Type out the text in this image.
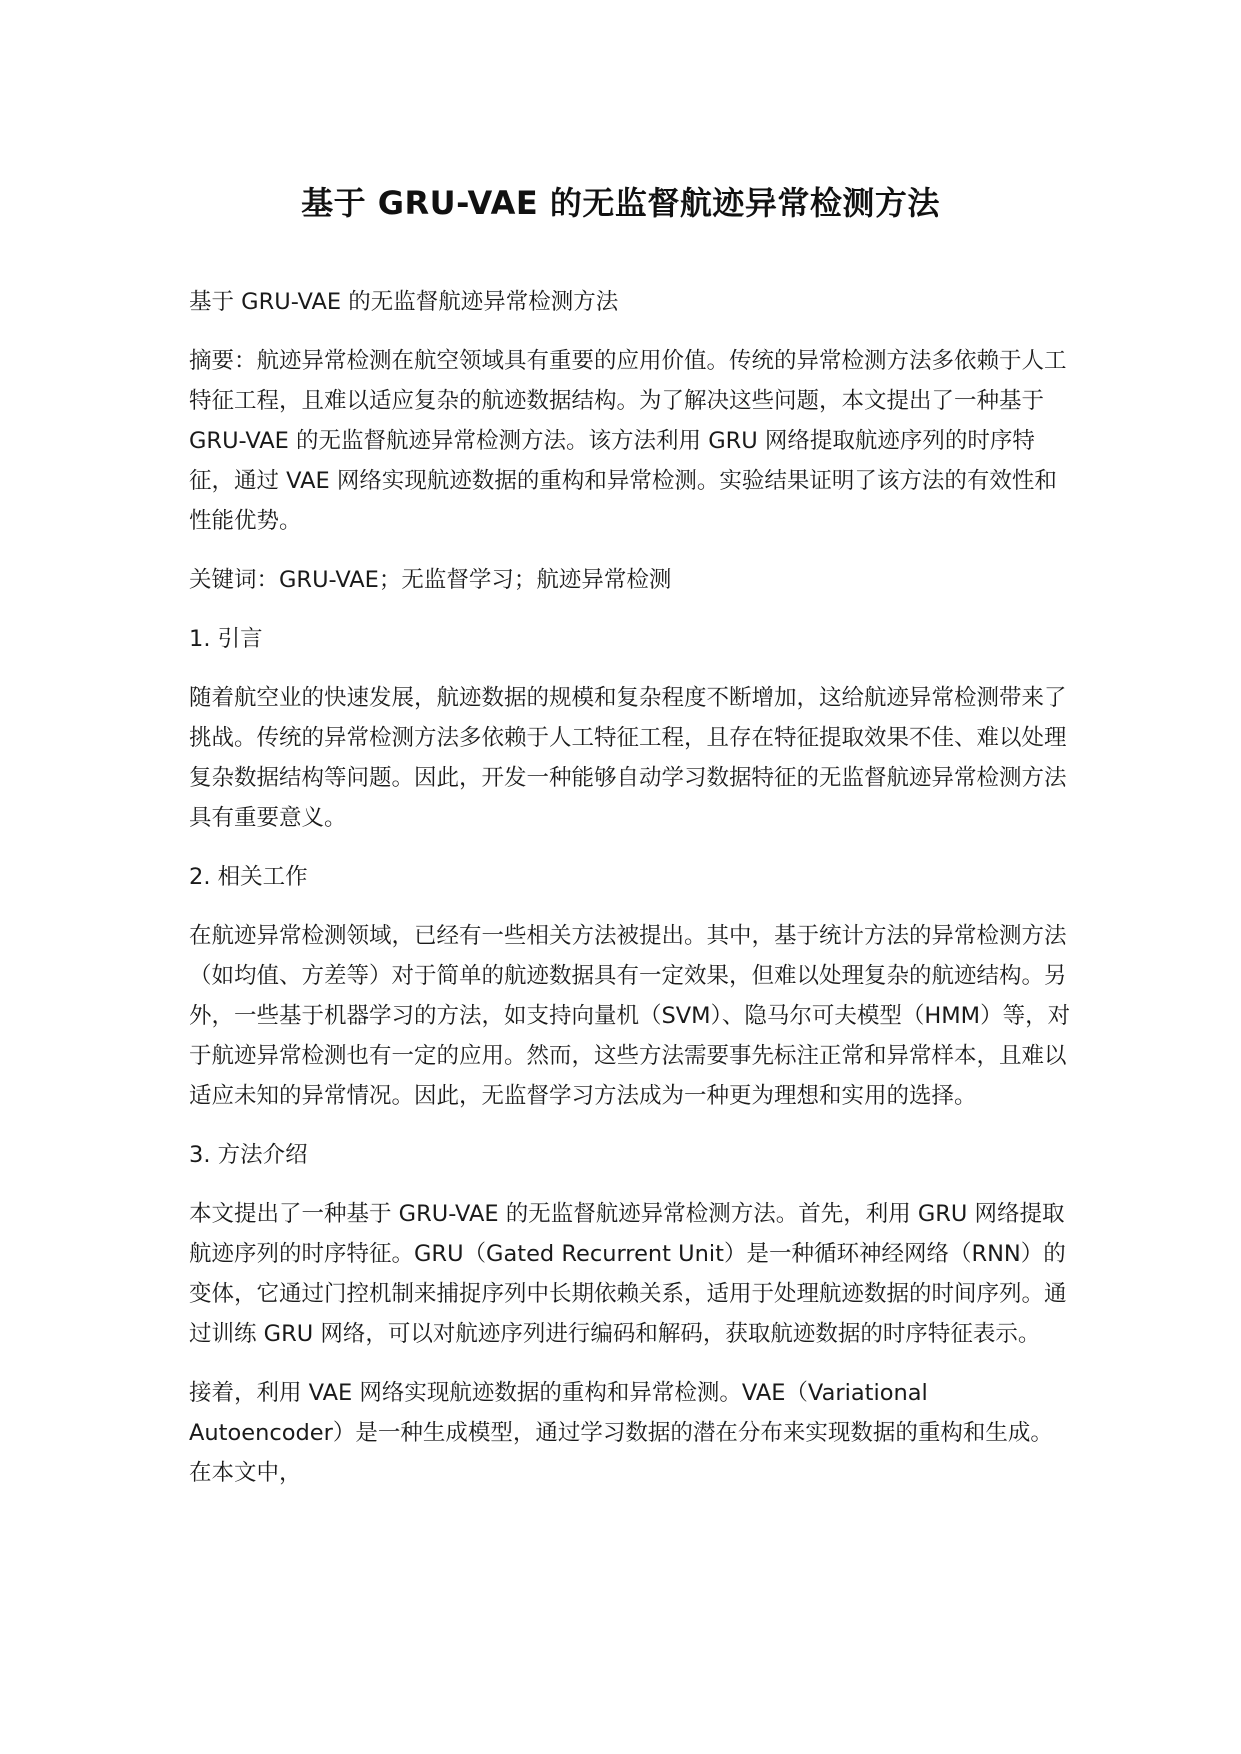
基于 GRU-VAE 的无监督航迹异常检测方法

基于 GRU-VAE 的无监督航迹异常检测方法

摘要：航迹异常检测在航空领域具有重要的应用价值。传统的异常检测方法多依赖于人工特征工程，且难以适应复杂的航迹数据结构。为了解决这些问题，本文提出了一种基于 GRU-VAE 的无监督航迹异常检测方法。该方法利用 GRU 网络提取航迹序列的时序特征，通过 VAE 网络实现航迹数据的重构和异常检测。实验结果证明了该方法的有效性和性能优势。

关键词：GRU-VAE；无监督学习；航迹异常检测

1. 引言

随着航空业的快速发展，航迹数据的规模和复杂程度不断增加，这给航迹异常检测带来了挑战。传统的异常检测方法多依赖于人工特征工程，且存在特征提取效果不佳、难以处理复杂数据结构等问题。因此，开发一种能够自动学习数据特征的无监督航迹异常检测方法具有重要意义。

2. 相关工作

在航迹异常检测领域，已经有一些相关方法被提出。其中，基于统计方法的异常检测方法（如均值、方差等）对于简单的航迹数据具有一定效果，但难以处理复杂的航迹结构。另外，一些基于机器学习的方法，如支持向量机（SVM）、隐马尔可夫模型（HMM）等，对于航迹异常检测也有一定的应用。然而，这些方法需要事先标注正常和异常样本，且难以适应未知的异常情况。因此，无监督学习方法成为一种更为理想和实用的选择。

3. 方法介绍

本文提出了一种基于 GRU-VAE 的无监督航迹异常检测方法。首先，利用 GRU 网络提取航迹序列的时序特征。GRU（Gated Recurrent Unit）是一种循环神经网络（RNN）的变体，它通过门控机制来捕捉序列中长期依赖关系，适用于处理航迹数据的时间序列。通过训练 GRU 网络，可以对航迹序列进行编码和解码，获取航迹数据的时序特征表示。

接着，利用 VAE 网络实现航迹数据的重构和异常检测。VAE（Variational Autoencoder）是一种生成模型，通过学习数据的潜在分布来实现数据的重构和生成。在本文中，
